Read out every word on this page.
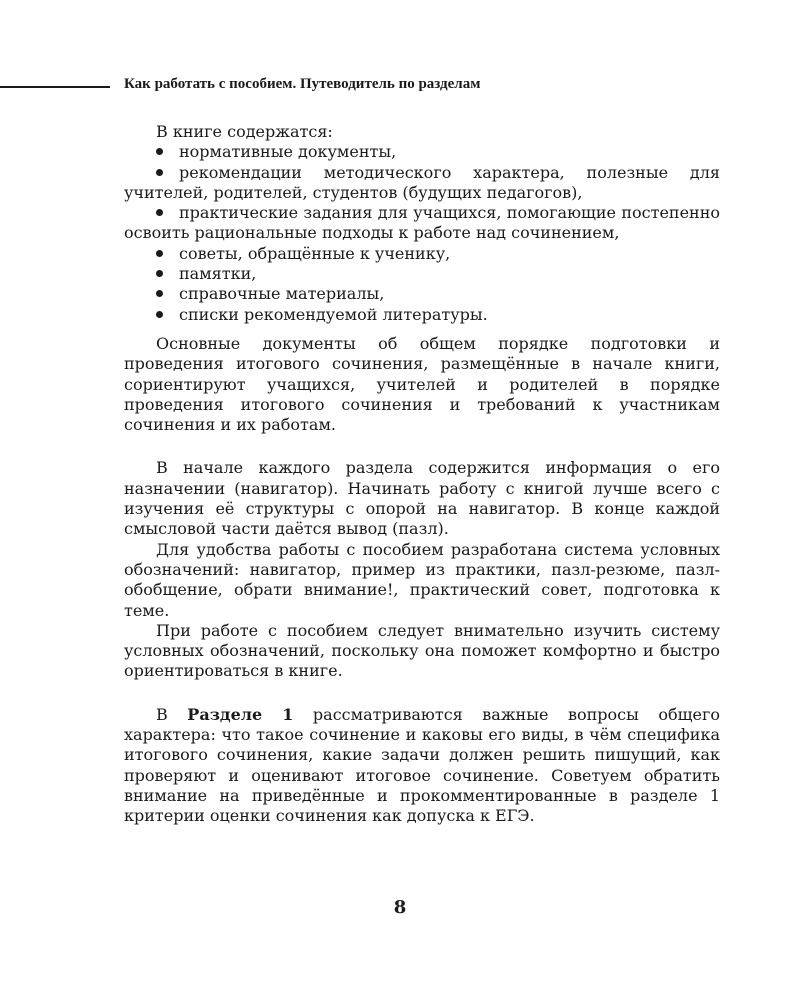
Как работать с пособием. Путеводитель по разделам

В книге содержатся:

нормативные документы,
рекомендации методического характера, полезные для учителей, родителей, студентов (будущих педагогов),
практические задания для учащихся, помогающие постепенно освоить рациональные подходы к работе над сочинением,
советы, обращённые к ученику,
памятки,
справочные материалы,
списки рекомендуемой литературы.

Основные документы об общем порядке подготовки и проведения итогового сочинения, размещённые в начале книги, сориентируют учащихся, учителей и родителей в порядке проведения итогового сочинения и требований к участникам сочинения и их работам.

В начале каждого раздела содержится информация о его назначении (навигатор). Начинать работу с книгой лучше всего с изучения её структуры с опорой на навигатор. В конце каждой смысловой части даётся вывод (пазл).

Для удобства работы с пособием разработана система условных обозначений: навигатор, пример из практики, пазл-резюме, пазл-обобщение, обрати внимание!, практический совет, подготовка к теме.

При работе с пособием следует внимательно изучить систему условных обозначений, поскольку она поможет комфортно и быстро ориентироваться в книге.

В Разделе 1 рассматриваются важные вопросы общего характера: что такое сочинение и каковы его виды, в чём специфика итогового сочинения, какие задачи должен решить пишущий, как проверяют и оценивают итоговое сочинение. Советуем обратить внимание на приведённые и прокомментированные в разделе 1 критерии оценки сочинения как допуска к ЕГЭ.

8
